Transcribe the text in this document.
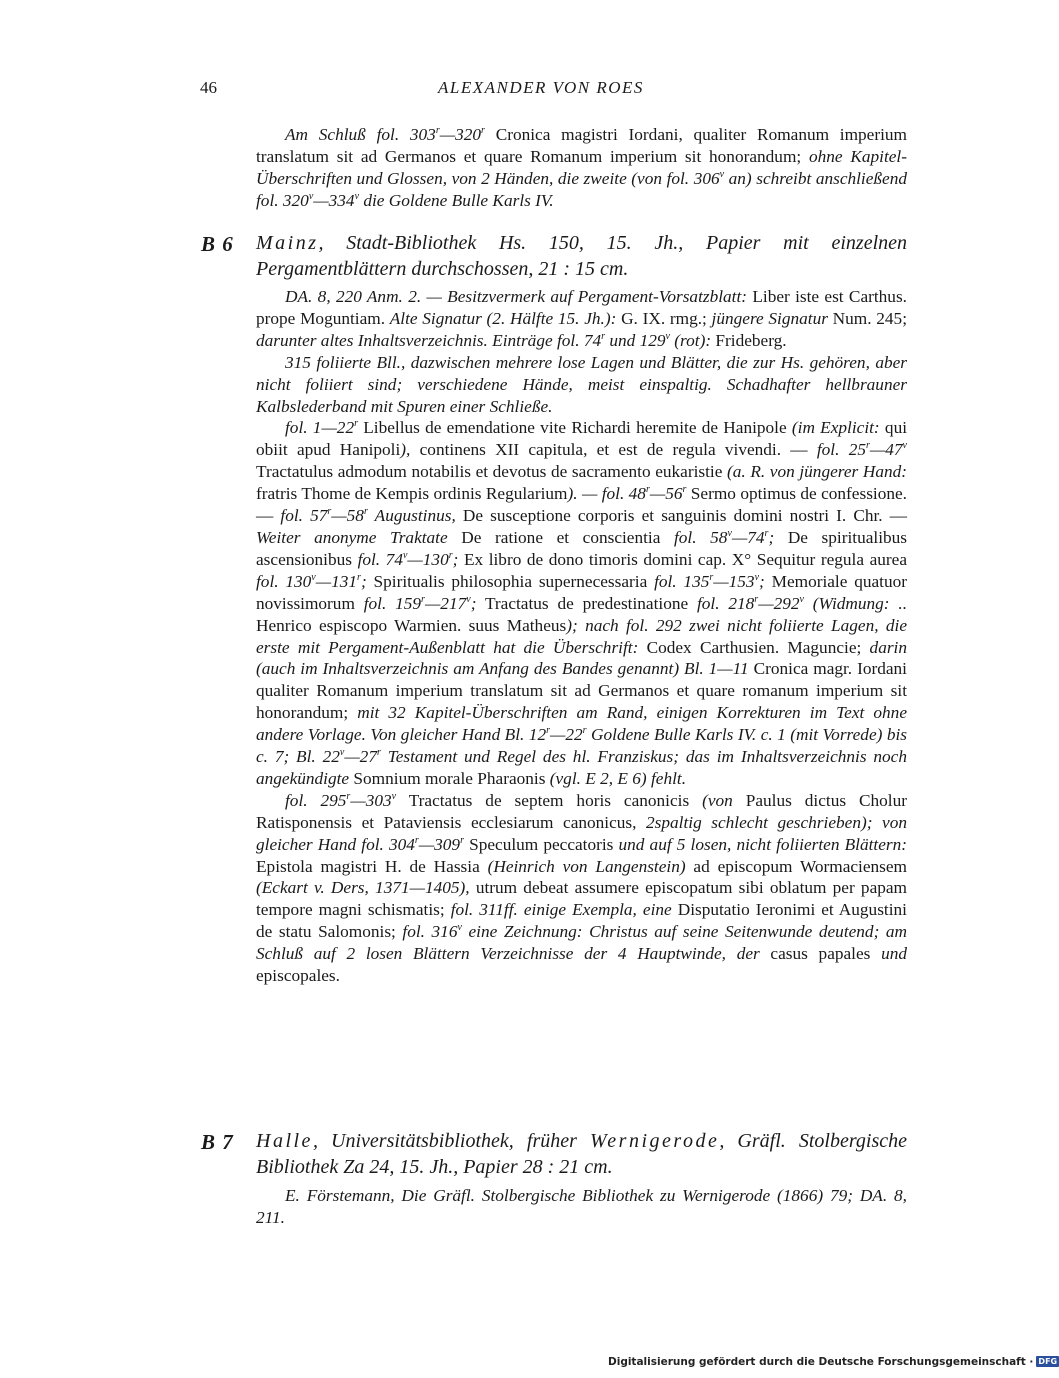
46	ALEXANDER VON ROES

Am Schluß fol. 303$^r$—320$^r$ Cronica magistri Iordani, qualiter Romanum imperium translatum sit ad Germanos et quare Romanum imperium sit honorandum; ohne Kapitel-Überschriften und Glossen, von 2 Händen, die zweite (von fol. 306$^v$ an) schreibt anschließend fol. 320$^v$—334$^v$ die Goldene Bulle Karls IV.

B 6 Mainz, Stadt-Bibliothek Hs. 150, 15. Jh., Papier mit einzelnen Pergamentblättern durchschossen, 21 : 15 cm.

DA. 8, 220 Anm. 2. — Besitzvermerk auf Pergament-Vorsatzblatt: Liber iste est Carthus. prope Moguntiam. Alte Signatur (2. Hälfte 15. Jh.): G. IX. rmg.; jüngere Signatur Num. 245; darunter altes Inhaltsverzeichnis. Einträge fol. 74$^r$ und 129$^v$ (rot): Frideberg.

315 foliierte Bll., dazwischen mehrere lose Lagen und Blätter, die zur Hs. gehören, aber nicht foliiert sind; verschiedene Hände, meist einspaltig. Schadhafter hellbrauner Kalbslederband mit Spuren einer Schließe.

fol. 1—22$^r$ Libellus de emendatione vite Richardi heremite de Hanipole (im Explicit: qui obiit apud Hanipoli), continens XII capitula, et est de regula vivendi. — fol. 25$^r$—47$^v$ Tractatulus admodum notabilis et devotus de sacramento eukaristie (a. R. von jüngerer Hand: fratris Thome de Kempis ordinis Regularium). — fol. 48$^r$—56$^r$ Sermo optimus de confessione. — fol. 57$^r$—58$^r$ Augustinus, De susceptione corporis et sanguinis domini nostri I. Chr. — Weiter anonyme Traktate De ratione et conscientia fol. 58$^v$—74$^r$; De spiritualibus ascensionibus fol. 74$^v$—130$^r$; Ex libro de dono timoris domini cap. X° Sequitur regula aurea fol. 130$^v$—131$^r$; Spiritualis philosophia supernecessaria fol. 135$^r$—153$^v$; Memoriale quatuor novissimorum fol. 159$^r$—217$^v$; Tractatus de predestinatione fol. 218$^r$—292$^v$ (Widmung: .. Henrico espiscopo Warmien. suus Matheus); nach fol. 292 zwei nicht foliierte Lagen, die erste mit Pergament-Außenblatt hat die Überschrift: Codex Carthusien. Maguncie; darin (auch im Inhaltsverzeichnis am Anfang des Bandes genannt) Bl. 1—11 Cronica magr. Iordani qualiter Romanum imperium translatum sit ad Germanos et quare romanum imperium sit honorandum; mit 32 Kapitel-Überschriften am Rand, einigen Korrekturen im Text ohne andere Vorlage. Von gleicher Hand Bl. 12$^r$—22$^r$ Goldene Bulle Karls IV. c. 1 (mit Vorrede) bis c. 7; Bl. 22$^v$—27$^r$ Testament und Regel des hl. Franziskus; das im Inhaltsverzeichnis noch angekündigte Somnium morale Pharaonis (vgl. E 2, E 6) fehlt.

fol. 295$^r$—303$^v$ Tractatus de septem horis canonicis (von Paulus dictus Cholur Ratisponensis et Pataviensis ecclesiarum canonicus, 2spaltig schlecht geschrieben); von gleicher Hand fol. 304$^r$—309$^r$ Speculum peccatoris und auf 5 losen, nicht foliierten Blättern: Epistola magistri H. de Hassia (Heinrich von Langenstein) ad episcopum Wormaciensem (Eckart v. Ders, 1371—1405), utrum debeat assumere episcopatum sibi oblatum per papam tempore magni schismatis; fol. 311ff. einige Exempla, eine Disputatio Ieronimi et Augustini de statu Salomonis; fol. 316$^v$ eine Zeichnung: Christus auf seine Seitenwunde deutend; am Schluß auf 2 losen Blättern Verzeichnisse der 4 Hauptwinde, der casus papales und episcopales.

B 7 Halle, Universitätsbibliothek, früher Wernigerode, Gräfl. Stolbergische Bibliothek Za 24, 15. Jh., Papier 28 : 21 cm.

E. Förstemann, Die Gräfl. Stolbergische Bibliothek zu Wernigerode (1866) 79; DA. 8, 211.

Digitalisierung gefördert durch die Deutsche Forschungsgemeinschaft · DFG
